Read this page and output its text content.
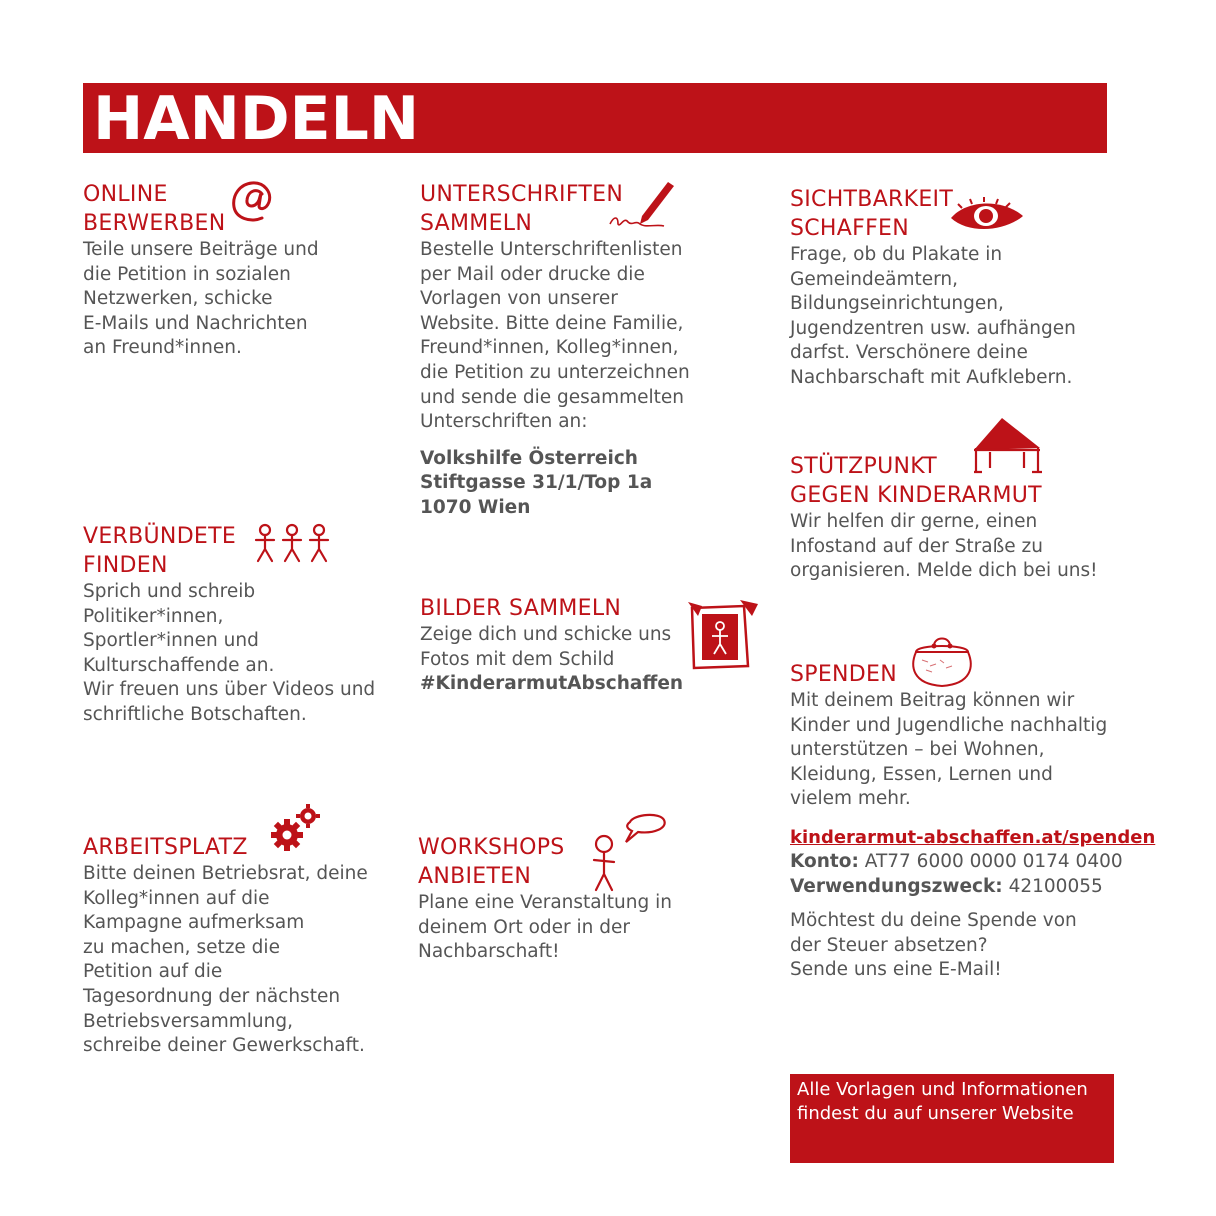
HANDELN
ONLINE
BERWERBEN
Teile unsere Beiträge und
die Petition in sozialen
Netzwerken, schicke
E-Mails und Nachrichten
an Freund*innen.
UNTERSCHRIFTEN
SAMMELN
Bestelle Unterschriftenlisten
per Mail oder drucke die
Vorlagen von unserer
Website. Bitte deine Familie,
Freund*innen, Kolleg*innen,
die Petition zu unterzeichnen
und sende die gesammelten
Unterschriften an:
Volkshilfe Österreich
Stiftgasse 31/1/Top 1a
1070 Wien
SICHTBARKEIT
SCHAFFEN
Frage, ob du Plakate in
Gemeindeämtern,
Bildungseinrichtungen,
Jugendzentren usw. aufhängen
darfst. Verschönere deine
Nachbarschaft mit Aufklebern.
VERBÜNDETE
FINDEN
Sprich und schreib
Politiker*innen,
Sportler*innen und
Kulturschaffende an.
Wir freuen uns über Videos und
schriftliche Botschaften.
BILDER SAMMELN
Zeige dich und schicke uns
Fotos mit dem Schild
#KinderarmutAbschaffen
STÜTZPUNKT
GEGEN KINDERARMUT
Wir helfen dir gerne, einen
Infostand auf der Straße zu
organisieren. Melde dich bei uns!
SPENDEN
Mit deinem Beitrag können wir
Kinder und Jugendliche nachhaltig
unterstützen – bei Wohnen,
Kleidung, Essen, Lernen und
vielem mehr.
kinderarmut-abschaffen.at/spenden
Konto: AT77 6000 0000 0174 0400
Verwendungszweck: 42100055
Möchtest du deine Spende von
der Steuer absetzen?
Sende uns eine E-Mail!
ARBEITSPLATZ
Bitte deinen Betriebsrat, deine
Kolleg*innen auf die
Kampagne aufmerksam
zu machen, setze die
Petition auf die
Tagesordnung der nächsten
Betriebsversammlung,
schreibe deiner Gewerkschaft.
WORKSHOPS
ANBIETEN
Plane eine Veranstaltung in
deinem Ort oder in der
Nachbarschaft!
Alle Vorlagen und Informationen
findest du auf unserer Website
